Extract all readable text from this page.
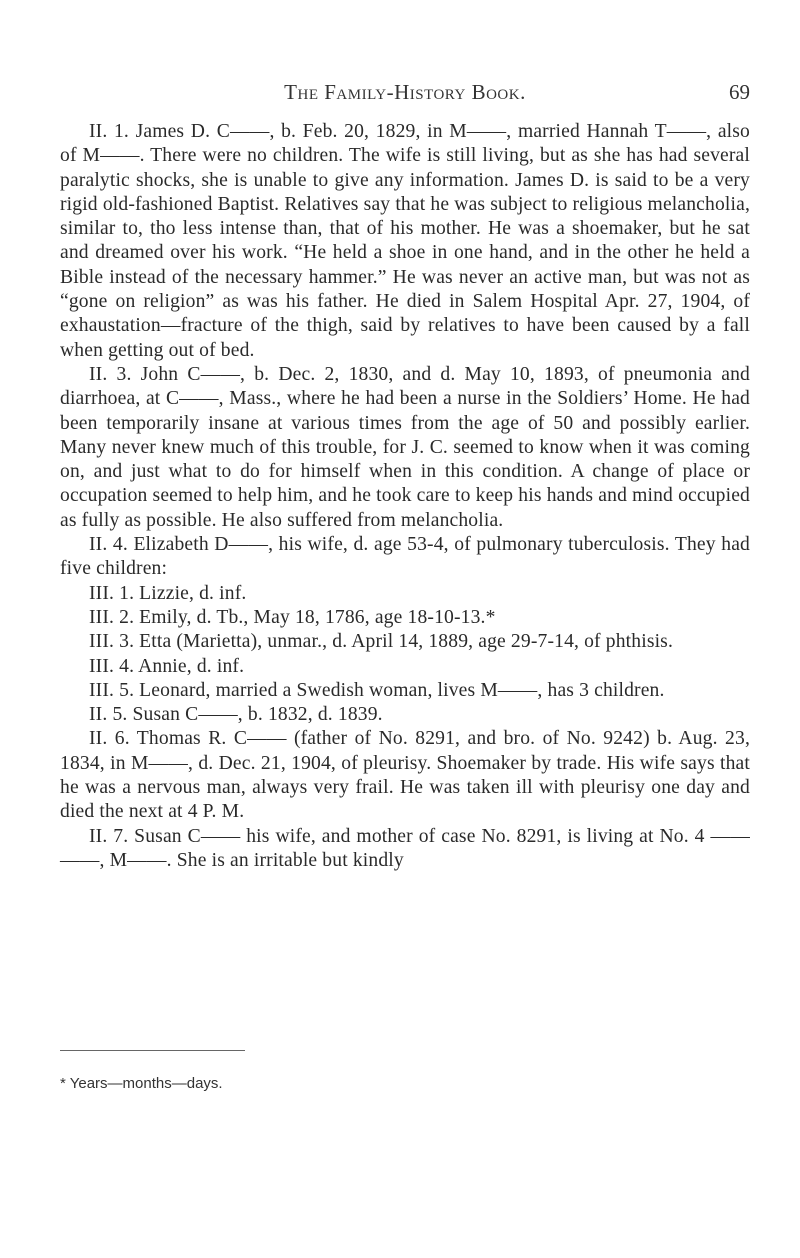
The Family-History Book.	69

II. 1. James D. C——, b. Feb. 20, 1829, in M——, married Hannah T——, also of M——. There were no children. The wife is still living, but as she has had several paralytic shocks, she is unable to give any information. James D. is said to be a very rigid old-fashioned Baptist. Relatives say that he was subject to religious melancholia, similar to, tho less intense than, that of his mother. He was a shoemaker, but he sat and dreamed over his work. “He held a shoe in one hand, and in the other he held a Bible instead of the necessary hammer.” He was never an active man, but was not as “gone on religion” as was his father. He died in Salem Hospital Apr. 27, 1904, of exhaustation—fracture of the thigh, said by relatives to have been caused by a fall when getting out of bed.

II. 3. John C——, b. Dec. 2, 1830, and d. May 10, 1893, of pneumonia and diarrhoea, at C——, Mass., where he had been a nurse in the Soldiers’ Home. He had been temporarily insane at various times from the age of 50 and possibly earlier. Many never knew much of this trouble, for J. C. seemed to know when it was coming on, and just what to do for himself when in this condition. A change of place or occupation seemed to help him, and he took care to keep his hands and mind occupied as fully as possible. He also suffered from melancholia.

II. 4. Elizabeth D——, his wife, d. age 53-4, of pulmonary tuberculosis. They had five children:

III. 1. Lizzie, d. inf.

III. 2. Emily, d. Tb., May 18, 1786, age 18-10-13.*

III. 3. Etta (Marietta), unmar., d. April 14, 1889, age 29-7-14, of phthisis.

III. 4. Annie, d. inf.

III. 5. Leonard, married a Swedish woman, lives M——, has 3 children.

II. 5. Susan C——, b. 1832, d. 1839.

II. 6. Thomas R. C—— (father of No. 8291, and bro. of No. 9242) b. Aug. 23, 1834, in M——, d. Dec. 21, 1904, of pleurisy. Shoemaker by trade. His wife says that he was a nervous man, always very frail. He was taken ill with pleurisy one day and died the next at 4 P. M.

II. 7. Susan C—— his wife, and mother of case No. 8291, is living at No. 4 —— ——, M——. She is an irritable but kindly

* Years—months—days.
